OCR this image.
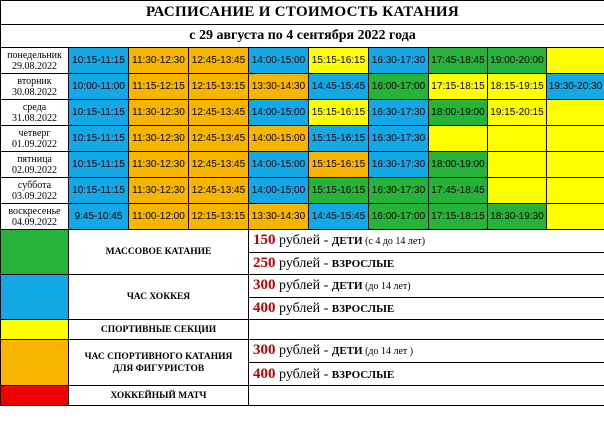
РАСПИСАНИЕ И СТОИМОСТЬ КАТАНИЯ									
с 29 августа по 4 сентября 2022 года									
понедельник
29.08.2022	10:15-11:15	11:30-12:30	12:45-13:45	14:00-15:00	15:15-16:15	16:30-17:30	17:45-18:45	19:00-20:00	
вторник
30.08.2022	10:00-11:00	11:15-12:15	12:15-13:15	13:30-14:30	14:45-15:45	16:00-17:00	17:15-18:15	18:15-19:15	19:30-20:30
среда
31.08.2022	10:15-11:15	11:30-12:30	12:45-13:45	14:00-15:00	15:15-16:15	16:30-17:30	18:00-19:00	19:15-20:15	
четверг
01.09.2022	10:15-11:15	11:30-12:30	12:45-13:45	14:00-15:00	15:15-16:15	16:30-17:30			
пятница
02.09.2022	10:15-11:15	11:30-12:30	12:45-13:45	14:00-15:00	15:15-16:15	16:30-17:30	18:00-19:00		
суббота
03.09.2022	10:15-11:15	11:30-12:30	12:45-13:45	14:00-15:00	15:15-16:15	16:30-17:30	17:45-18:45		
воскресенье
04.09.2022	9:45-10:45	11:00-12:00	12:15-13:15	13:30-14:30	14:45-15:45	16:00-17:00	17:15-18:15	18:30-19:30	
	МАССОВОЕ КАТАНИЕ			150 рублей - ДЕТИ (с 4 до 14 лет)					
				250 рублей - ВЗРОСЛЫЕ					
	ЧАС ХОККЕЯ			300 рублей - ДЕТИ (до 14 лет)					
				400 рублей - ВЗРОСЛЫЕ					
	СПОРТИВНЫЕ СЕКЦИИ								
	ЧАС СПОРТИВНОГО КАТАНИЯ
ДЛЯ ФИГУРИСТОВ			300 рублей - ДЕТИ (до 14 лет )					
				400 рублей - ВЗРОСЛЫЕ					
	ХОККЕЙНЫЙ МАТЧ								
